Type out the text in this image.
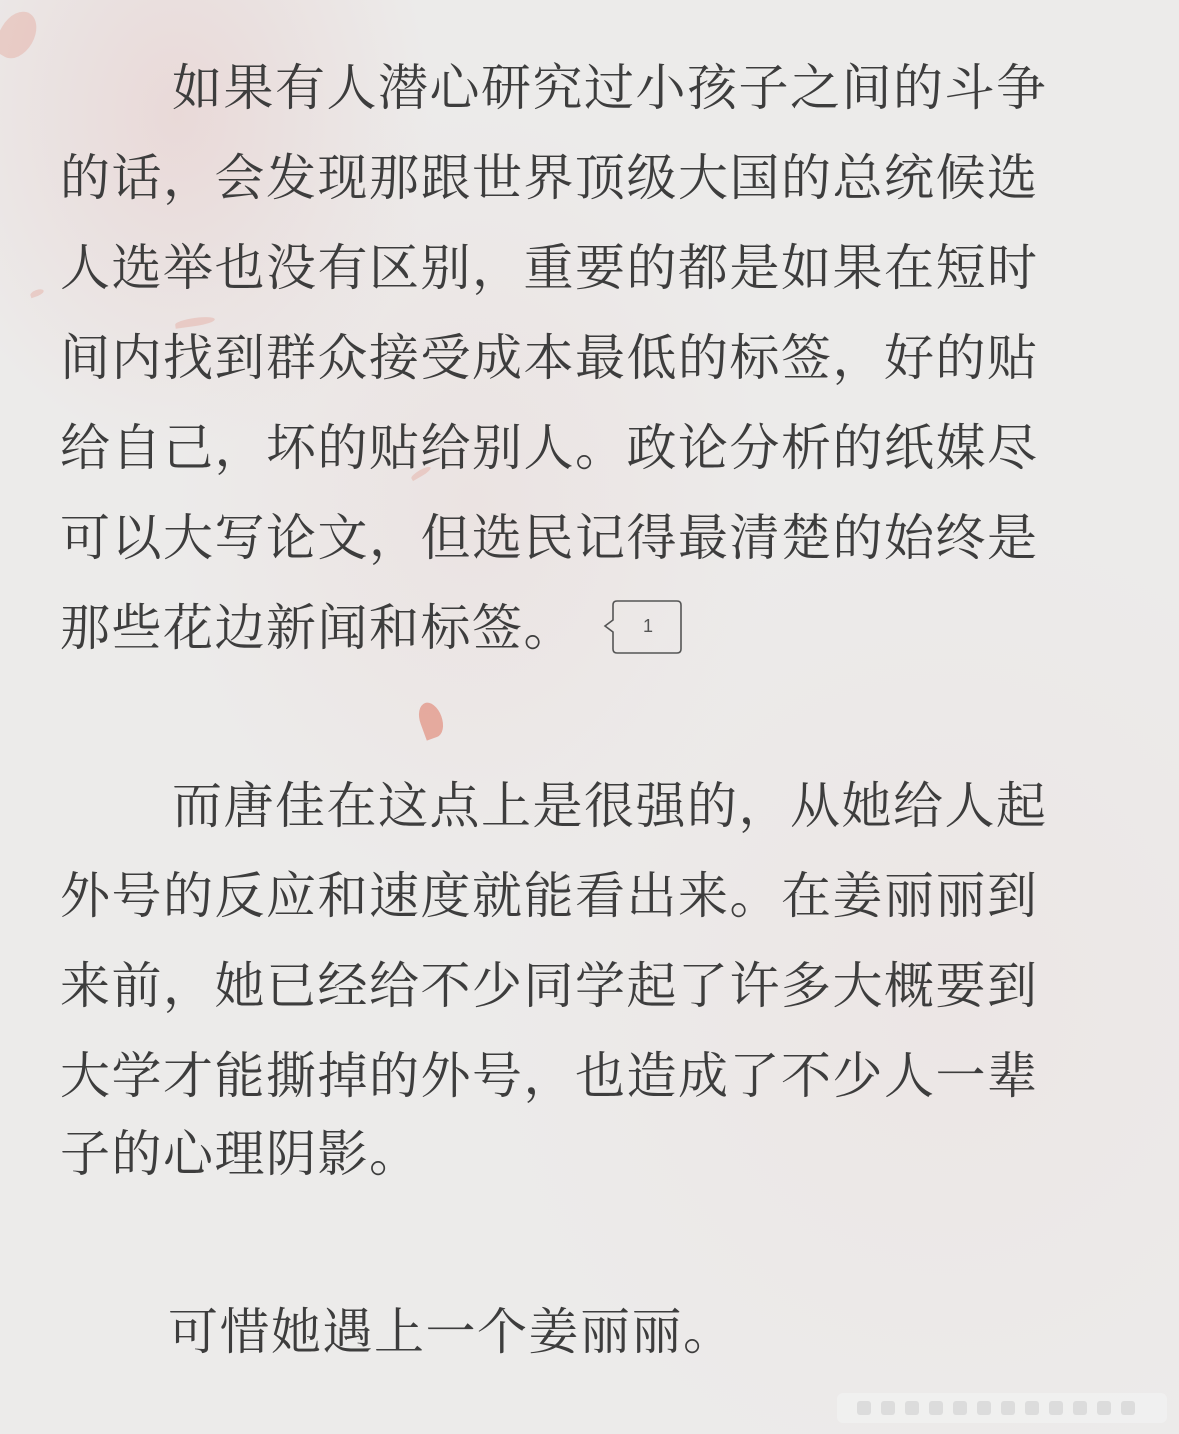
如果有人潜心研究过小孩子之间的斗争
的话，会发现那跟世界顶级大国的总统候选
人选举也没有区别，重要的都是如果在短时
间内找到群众接受成本最低的标签，好的贴
给自己，坏的贴给别人。政论分析的纸媒尽
可以大写论文，但选民记得最清楚的始终是
那些花边新闻和标签。	1
而唐佳在这点上是很强的，从她给人起
外号的反应和速度就能看出来。在姜丽丽到
来前，她已经给不少同学起了许多大概要到
大学才能撕掉的外号，也造成了不少人一辈
子的心理阴影。
可惜她遇上一个姜丽丽。
